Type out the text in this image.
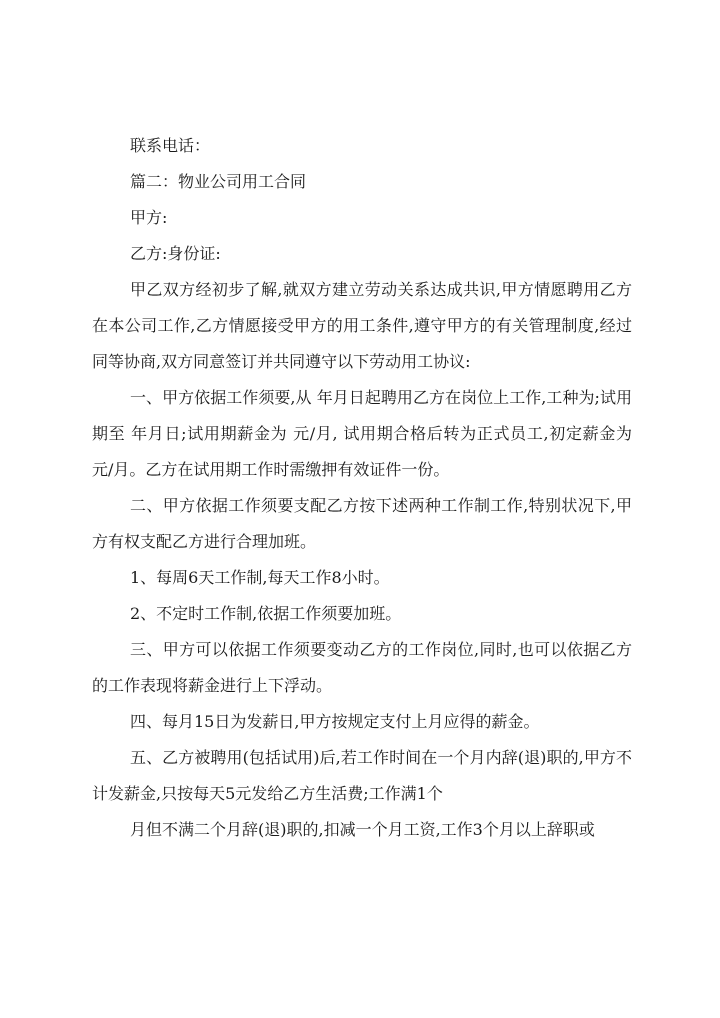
联系电话：

篇二：物业公司用工合同

甲方:

乙方:身份证:

甲乙双方经初步了解,就双方建立劳动关系达成共识,甲方情愿聘用乙方在本公司工作,乙方情愿接受甲方的用工条件,遵守甲方的有关管理制度,经过同等协商,双方同意签订并共同遵守以下劳动用工协议:

一、甲方依据工作须要,从 年月日起聘用乙方在岗位上工作,工种为;试用期至 年月日;试用期薪金为 元/月, 试用期合格后转为正式员工,初定薪金为 元/月。乙方在试用期工作时需缴押有效证件一份。

二、甲方依据工作须要支配乙方按下述两种工作制工作,特别状况下,甲方有权支配乙方进行合理加班。

1、每周6天工作制,每天工作8小时。

2、不定时工作制,依据工作须要加班。

三、甲方可以依据工作须要变动乙方的工作岗位,同时,也可以依据乙方的工作表现将薪金进行上下浮动。

四、每月15日为发薪日,甲方按规定支付上月应得的薪金。

五、乙方被聘用(包括试用)后,若工作时间在一个月内辞(退)职的,甲方不计发薪金,只按每天5元发给乙方生活费;工作满1个

月但不满二个月辞(退)职的,扣减一个月工资,工作3个月以上辞职或
